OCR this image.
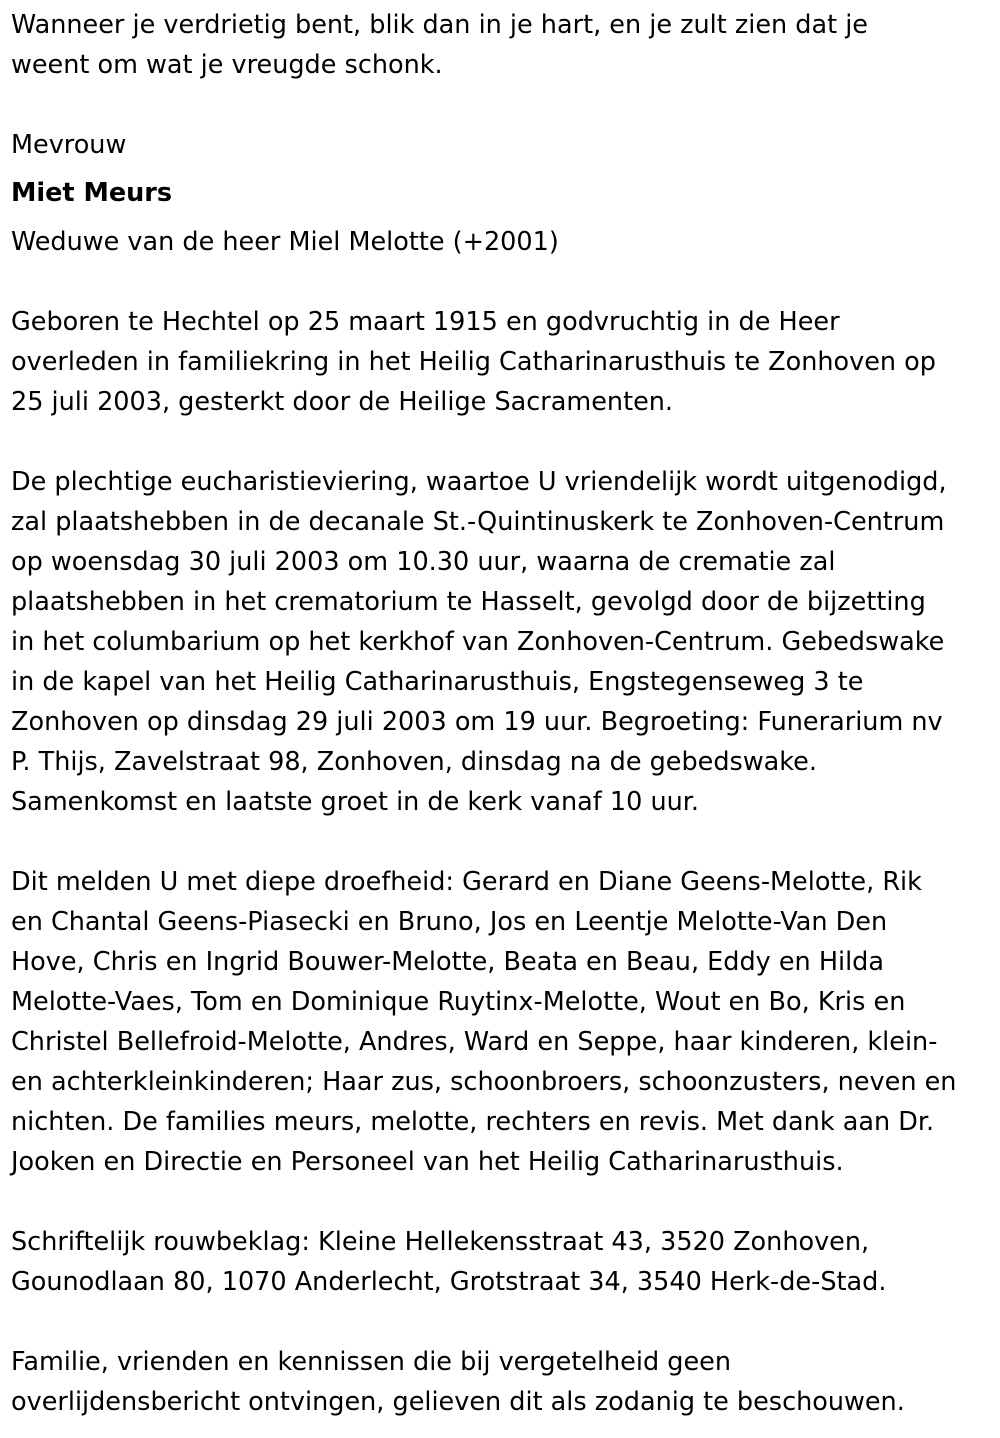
Wanneer je verdrietig bent, blik dan in je hart, en je zult zien dat je
weent om wat je vreugde schonk.

Mevrouw

Miet Meurs

Weduwe van de heer Miel Melotte (+2001)

Geboren te Hechtel op 25 maart 1915 en godvruchtig in de Heer
overleden in familiekring in het Heilig Catharinarusthuis te Zonhoven op
25 juli 2003, gesterkt door de Heilige Sacramenten.

De plechtige eucharistieviering, waartoe U vriendelijk wordt uitgenodigd,
zal plaatshebben in de decanale St.-Quintinuskerk te Zonhoven-Centrum
op woensdag 30 juli 2003 om 10.30 uur, waarna de crematie zal
plaatshebben in het crematorium te Hasselt, gevolgd door de bijzetting
in het columbarium op het kerkhof van Zonhoven-Centrum. Gebedswake
in de kapel van het Heilig Catharinarusthuis, Engstegenseweg 3 te
Zonhoven op dinsdag 29 juli 2003 om 19 uur. Begroeting: Funerarium nv
P. Thijs, Zavelstraat 98, Zonhoven, dinsdag na de gebedswake.
Samenkomst en laatste groet in de kerk vanaf 10 uur.

Dit melden U met diepe droefheid: Gerard en Diane Geens-Melotte, Rik
en Chantal Geens-Piasecki en Bruno, Jos en Leentje Melotte-Van Den
Hove, Chris en Ingrid Bouwer-Melotte, Beata en Beau, Eddy en Hilda
Melotte-Vaes, Tom en Dominique Ruytinx-Melotte, Wout en Bo, Kris en
Christel Bellefroid-Melotte, Andres, Ward en Seppe, haar kinderen, klein-
en achterkleinkinderen; Haar zus, schoonbroers, schoonzusters, neven en
nichten. De families meurs, melotte, rechters en revis. Met dank aan Dr.
Jooken en Directie en Personeel van het Heilig Catharinarusthuis.

Schriftelijk rouwbeklag: Kleine Hellekensstraat 43, 3520 Zonhoven,
Gounodlaan 80, 1070 Anderlecht, Grotstraat 34, 3540 Herk-de-Stad.

Familie, vrienden en kennissen die bij vergetelheid geen
overlijdensbericht ontvingen, gelieven dit als zodanig te beschouwen.
